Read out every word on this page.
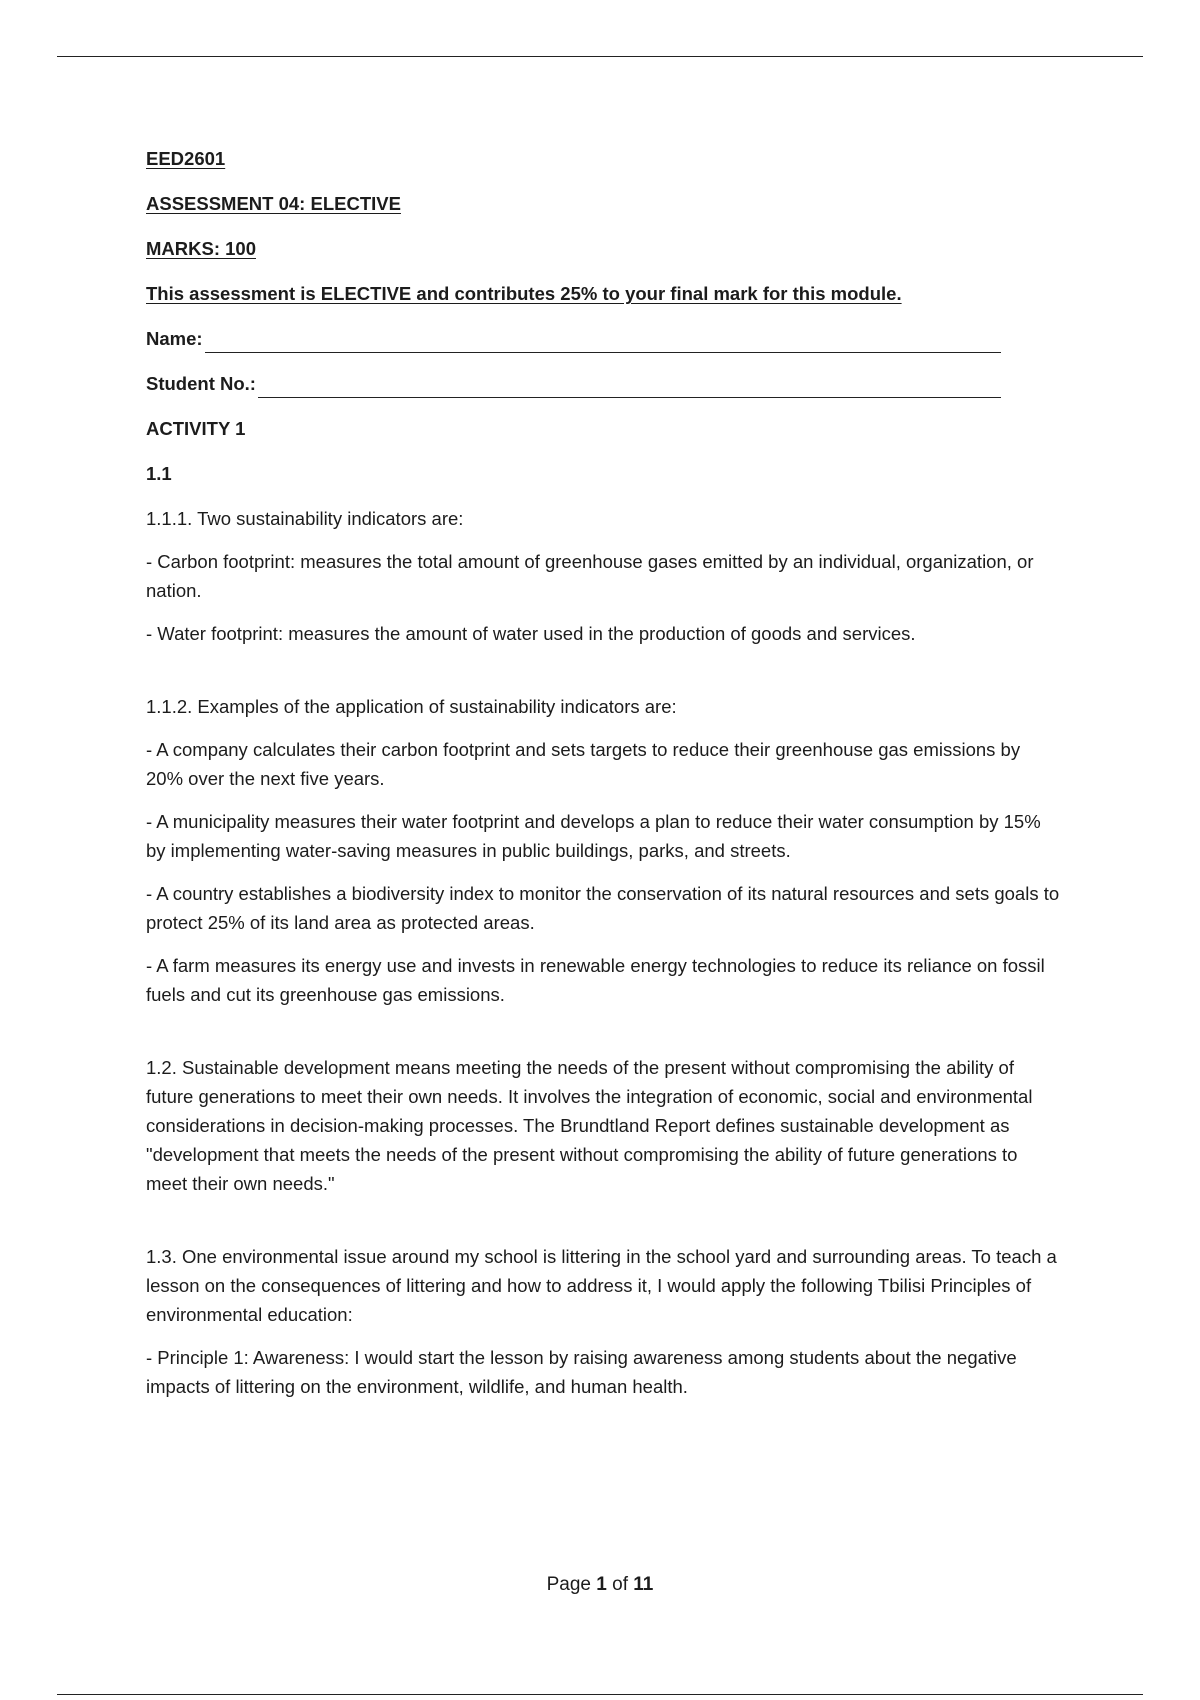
EED2601
ASSESSMENT 04: ELECTIVE
MARKS: 100
This assessment is ELECTIVE and contributes 25% to your final mark for this module.
Name:
Student No.:
ACTIVITY 1
1.1

1.1.1. Two sustainability indicators are:

- Carbon footprint: measures the total amount of greenhouse gases emitted by an individual, organization, or nation.

- Water footprint: measures the amount of water used in the production of goods and services.

1.1.2. Examples of the application of sustainability indicators are:

- A company calculates their carbon footprint and sets targets to reduce their greenhouse gas emissions by 20% over the next five years.

- A municipality measures their water footprint and develops a plan to reduce their water consumption by 15% by implementing water-saving measures in public buildings, parks, and streets.

- A country establishes a biodiversity index to monitor the conservation of its natural resources and sets goals to protect 25% of its land area as protected areas.

- A farm measures its energy use and invests in renewable energy technologies to reduce its reliance on fossil fuels and cut its greenhouse gas emissions.

1.2. Sustainable development means meeting the needs of the present without compromising the ability of future generations to meet their own needs. It involves the integration of economic, social and environmental considerations in decision-making processes. The Brundtland Report defines sustainable development as "development that meets the needs of the present without compromising the ability of future generations to meet their own needs."

1.3. One environmental issue around my school is littering in the school yard and surrounding areas. To teach a lesson on the consequences of littering and how to address it, I would apply the following Tbilisi Principles of environmental education:

- Principle 1: Awareness: I would start the lesson by raising awareness among students about the negative impacts of littering on the environment, wildlife, and human health.

Page 1 of 11
